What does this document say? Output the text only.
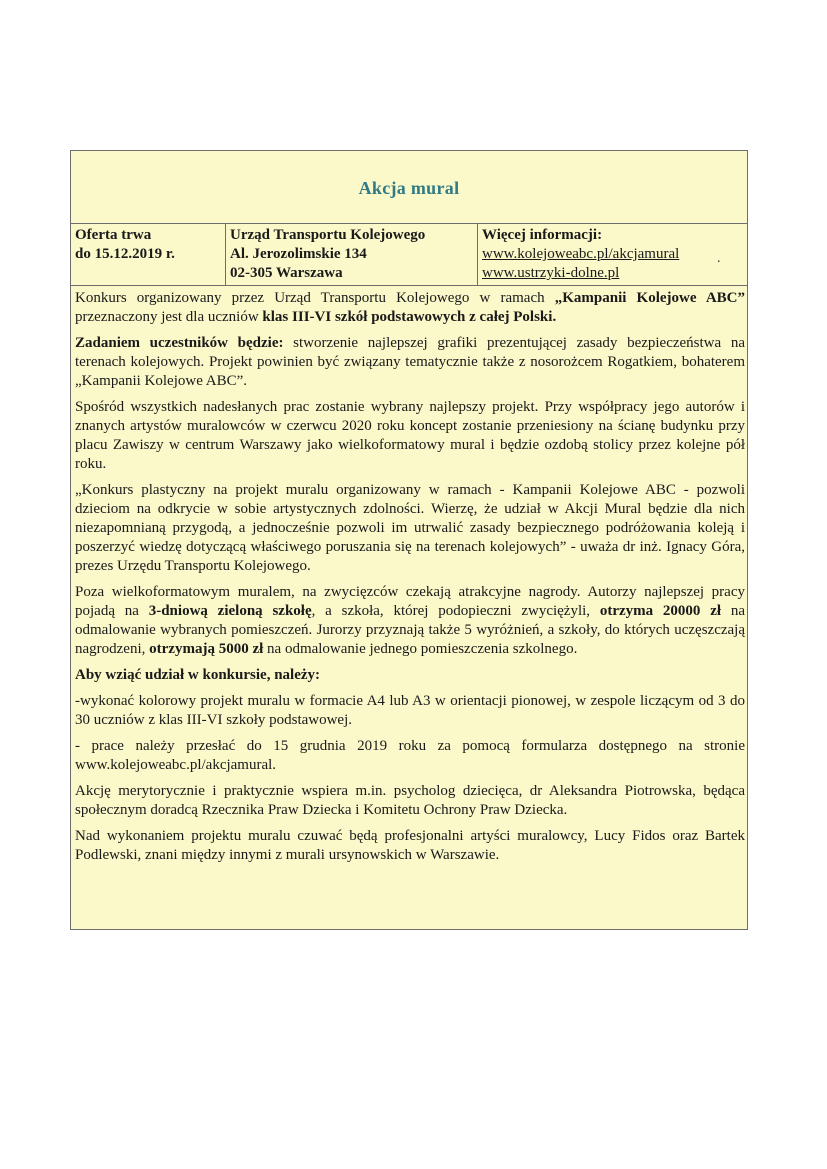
Akcja mural
Oferta trwa
do 15.12.2019 r.
Urząd Transportu Kolejowego
Al. Jerozolimskie 134
02-305 Warszawa
Więcej informacji:
www.kolejoweabc.pl/akcjamural
www.ustrzyki-dolne.pl
.

Konkurs organizowany przez Urząd Transportu Kolejowego w ramach „Kampanii Kolejowe ABC” przeznaczony jest dla uczniów klas III-VI szkół podstawowych z całej Polski.

Zadaniem uczestników będzie: stworzenie najlepszej grafiki prezentującej zasady bezpieczeństwa na terenach kolejowych. Projekt powinien być związany tematycznie także z nosorożcem Rogatkiem, bohaterem „Kampanii Kolejowe ABC”.

Spośród wszystkich nadesłanych prac zostanie wybrany najlepszy projekt. Przy współpracy jego autorów i znanych artystów muralowców w czerwcu 2020 roku koncept zostanie przeniesiony na ścianę budynku przy placu Zawiszy w centrum Warszawy jako wielkoformatowy mural i będzie ozdobą stolicy przez kolejne pół roku.

„Konkurs plastyczny na projekt muralu organizowany w ramach - Kampanii Kolejowe ABC - pozwoli dzieciom na odkrycie w sobie artystycznych zdolności. Wierzę, że udział w Akcji Mural będzie dla nich niezapomnianą przygodą, a jednocześnie pozwoli im utrwalić zasady bezpiecznego podróżowania koleją i poszerzyć wiedzę dotyczącą właściwego poruszania się na terenach kolejowych” - uważa dr inż. Ignacy Góra, prezes Urzędu Transportu Kolejowego.

Poza wielkoformatowym muralem, na zwycięzców czekają atrakcyjne nagrody. Autorzy najlepszej pracy pojadą na 3-dniową zieloną szkołę, a szkoła, której podopieczni zwyciężyli, otrzyma 20000 zł na odmalowanie wybranych pomieszczeń. Jurorzy przyznają także 5 wyróżnień, a szkoły, do których uczęszczają nagrodzeni, otrzymają 5000 zł na odmalowanie jednego pomieszczenia szkolnego.

Aby wziąć udział w konkursie, należy:

-wykonać kolorowy projekt muralu w formacie A4 lub A3 w orientacji pionowej, w zespole liczącym od 3 do 30 uczniów z klas III-VI szkoły podstawowej.

- prace należy przesłać do 15 grudnia 2019 roku za pomocą formularza dostępnego na stronie www.kolejoweabc.pl/akcjamural.

Akcję merytorycznie i praktycznie wspiera m.in. psycholog dziecięca, dr Aleksandra Piotrowska, będąca społecznym doradcą Rzecznika Praw Dziecka i Komitetu Ochrony Praw Dziecka.

Nad wykonaniem projektu muralu czuwać będą profesjonalni artyści muralowcy, Lucy Fidos oraz Bartek Podlewski, znani między innymi z murali ursynowskich w Warszawie.
